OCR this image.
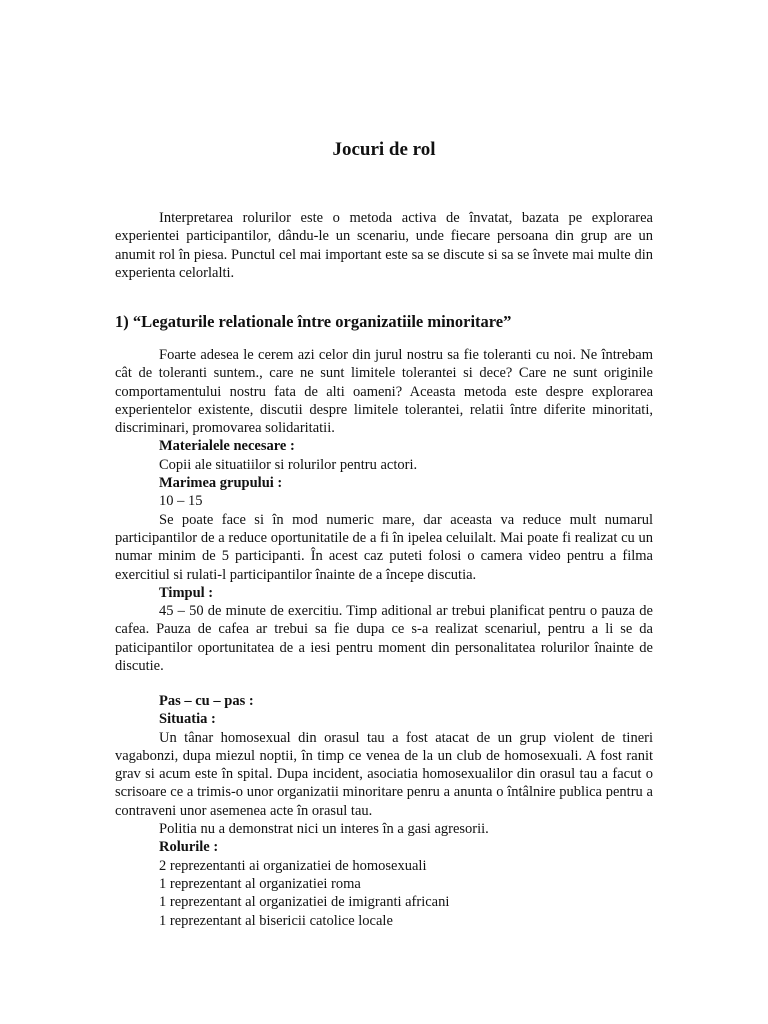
Jocuri de rol
Interpretarea rolurilor este o metoda activa de învatat, bazata pe explorarea experientei participantilor, dându-le un scenariu, unde fiecare persoana din grup are un anumit rol în piesa. Punctul cel mai important este sa se discute si sa se învete mai multe din experienta celorlalti.
1) “Legaturile relationale între organizatiile minoritare”
Foarte adesea le cerem azi celor din jurul nostru sa fie toleranti cu noi. Ne întrebam cât de toleranti suntem., care ne sunt limitele tolerantei si dece? Care ne sunt originile comportamentului nostru fata de alti oameni? Aceasta metoda este despre explorarea experientelor existente, discutii despre limitele tolerantei, relatii între diferite minoritati, discriminari, promovarea solidaritatii.
Materialele necesare :
Copii ale situatiilor si rolurilor pentru actori.
Marimea grupului :
10 – 15
Se poate face si în mod numeric mare, dar aceasta va reduce mult numarul participantilor de a reduce oportunitatile de a fi în ipelea celuilalt. Mai poate fi realizat cu un numar minim de 5 participanti. În acest caz puteti folosi o camera video pentru a filma exercitiul si rulati-l participantilor înainte de a începe discutia.
Timpul :
45 – 50 de minute de exercitiu. Timp aditional ar trebui planificat pentru o pauza de cafea. Pauza de cafea ar trebui sa fie dupa ce s-a realizat scenariul, pentru a li se da paticipantilor oportunitatea de a iesi pentru moment din personalitatea rolurilor înainte de discutie.
Pas – cu – pas :
Situatia :
Un tânar homosexual din orasul tau a fost atacat de un grup violent de tineri vagabonzi, dupa miezul noptii, în timp ce venea de la un club de homosexuali. A fost ranit grav si acum este în spital. Dupa incident, asociatia homosexualilor din orasul tau a facut o scrisoare ce a trimis-o unor organizatii minoritare penru a anunta o întâlnire publica pentru a contraveni unor asemenea acte în orasul tau.
Politia nu a demonstrat nici un interes în a gasi agresorii.
Rolurile :
2 reprezentanti ai organizatiei de homosexuali
1 reprezentant al organizatiei roma
1 reprezentant al organizatiei de imigranti africani
1 reprezentant al bisericii catolice locale
